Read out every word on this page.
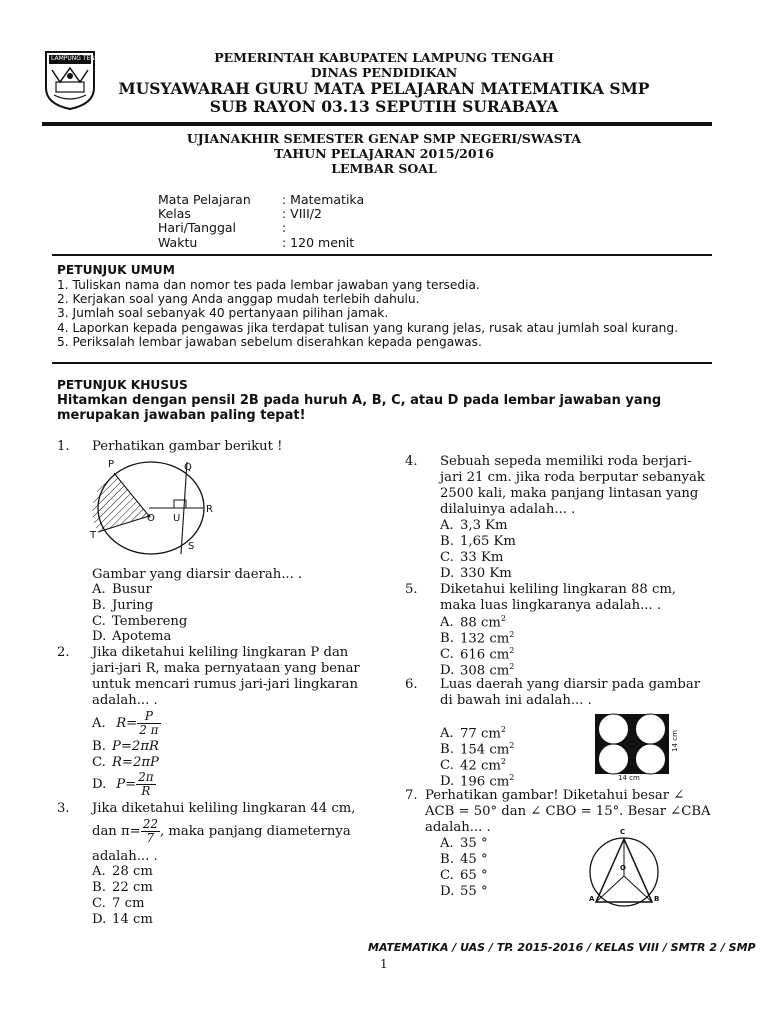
LAMPUNG TENGAH	PEMERINTAH KABUPATEN LAMPUNG TENGAH
DINAS PENDIDIKAN
MUSYAWARAH GURU MATA PELAJARAN MATEMATIKA SMP
SUB RAYON 03.13 SEPUTIH SURABAYA
UJIANAKHIR SEMESTER GENAP SMP NEGERI/SWASTA
TAHUN PELAJARAN 2015/2016
LEMBAR SOAL
Mata Pelajaran	: Matematika
Kelas	: VIII/2
Hari/Tanggal	:
Waktu	: 120 menit
PETUNJUK UMUM
1. Tuliskan nama dan nomor tes pada lembar jawaban yang tersedia.
2. Kerjakan soal yang Anda anggap mudah terlebih dahulu.
3. Jumlah soal sebanyak 40 pertanyaan pilihan jamak.
4. Laporkan kepada pengawas jika terdapat tulisan yang kurang jelas, rusak atau jumlah soal kurang.
5. Periksalah lembar jawaban sebelum diserahkan kepada pengawas.
PETUNJUK KHUSUS
Hitamkan dengan pensil 2B pada huruh A, B, C, atau D pada lembar jawaban yang
merupakan jawaban paling tepat!
1. Perhatikan gambar berikut !
P	Q
O U
R
T
S
Gambar yang diarsir daerah... .
A. Busur
B. Juring
C. Tembereng
D. Apotema
2. Jika diketahui keliling lingkaran P dan
jari-jari R, maka pernyataan yang benar
untuk mencari rumus jari-jari lingkaran
adalah... .
A. $R= \frac{P}{2 \pi}$
B. P=2πR
C. R=2πP
D. $P= \frac{2\pi}{R}$
3. Jika diketahui keliling lingkaran 44 cm,
dan $\pi= \frac{22}{7}$ , maka panjang diameternya
adalah... .
A. 28 cm
B. 22 cm
C. 7 cm
D. 14 cm
4. Sebuah sepeda memiliki roda berjari-
jari 21 cm. jika roda berputar sebanyak
2500 kali, maka panjang lintasan yang
dilaluinya adalah... .
A. 3,3 Km
B. 1,65 Km
C. 33 Km
D. 330 Km
5. Diketahui keliling lingkaran 88 cm,
maka luas lingkaranya adalah... .
A. 88 $cm^2$
B. 132 $cm^2$
C. 616 $cm^2$
D. 308 $cm^2$
6. Luas daerah yang diarsir pada gambar
di bawah ini adalah... .
A. 77 $cm^2$
B. 154 $cm^2$
C. 42 $cm^2$
D. 196 $cm^2$
14 cm
14 cm
7. Perhatikan gambar! Diketahui besar ∠
ACB = 50° dan ∠ CBO = 15°. Besar ∠CBA
adalah... .
A. 35 °
B. 45 °
C. 65 °
D. 55 °
C
O
A	B
MATEMATIKA / UAS / TP. 2015-2016 / KELAS VIII / SMTR 2 / SMP
1
